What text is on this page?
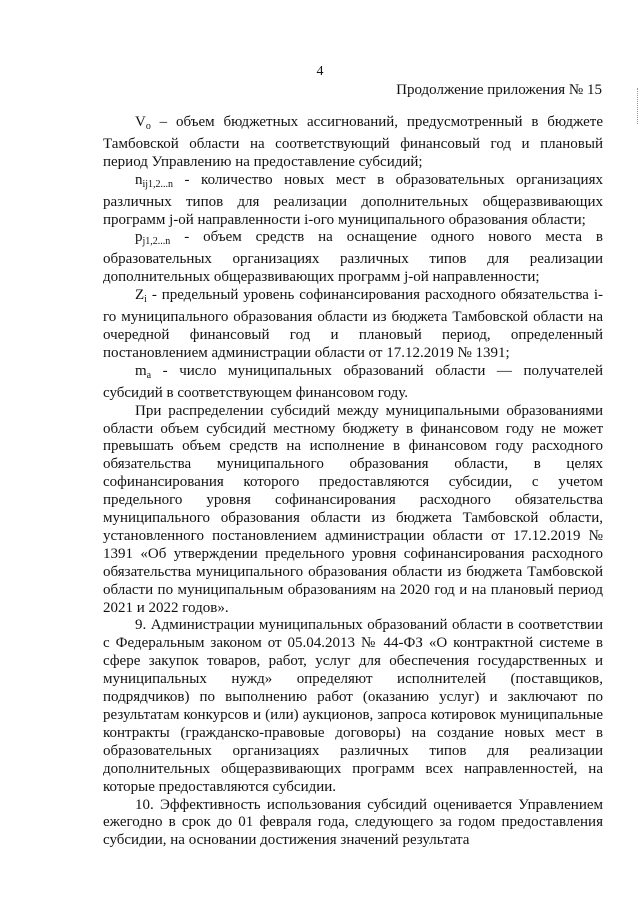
4
Продолжение приложения № 15

$V_o$ – объем бюджетных ассигнований, предусмотренный в бюджете Тамбовской области на соответствующий финансовый год и плановый период Управлению на предоставление субсидий;

$n_{ij1,2...n}$ - количество новых мест в образовательных организациях различных типов для реализации дополнительных общеразвивающих программ j-ой направленности i-ого муниципального образования области;

$p_{j1,2...n}$ - объем средств на оснащение одного нового места в образовательных организациях различных типов для реализации дополнительных общеразвивающих программ j-ой направленности;

$Z_i$ - предельный уровень софинансирования расходного обязательства i-го муниципального образования области из бюджета Тамбовской области на очередной финансовый год и плановый период, определенный постановлением администрации области от 17.12.2019 № 1391;

$m_a$ - число муниципальных образований области — получателей субсидий в соответствующем финансовом году.

При распределении субсидий между муниципальными образованиями области объем субсидий местному бюджету в финансовом году не может превышать объем средств на исполнение в финансовом году расходного обязательства муниципального образования области, в целях софинансирования которого предоставляются субсидии, с учетом предельного уровня софинансирования расходного обязательства муниципального образования области из бюджета Тамбовской области, установленного постановлением администрации области от 17.12.2019 № 1391 «Об утверждении предельного уровня софинансирования расходного обязательства муниципального образования области из бюджета Тамбовской области по муниципальным образованиям на 2020 год и на плановый период 2021 и 2022 годов».

9. Администрации муниципальных образований области в соответствии с Федеральным законом от 05.04.2013 № 44-ФЗ «О контрактной системе в сфере закупок товаров, работ, услуг для обеспечения государственных и муниципальных нужд» определяют исполнителей (поставщиков, подрядчиков) по выполнению работ (оказанию услуг) и заключают по результатам конкурсов и (или) аукционов, запроса котировок муниципальные контракты (гражданско-правовые договоры) на создание новых мест в образовательных организациях различных типов для реализации дополнительных общеразвивающих программ всех направленностей, на которые предоставляются субсидии.

10. Эффективность использования субсидий оценивается Управлением ежегодно в срок до 01 февраля года, следующего за годом предоставления субсидии, на основании достижения значений результата
